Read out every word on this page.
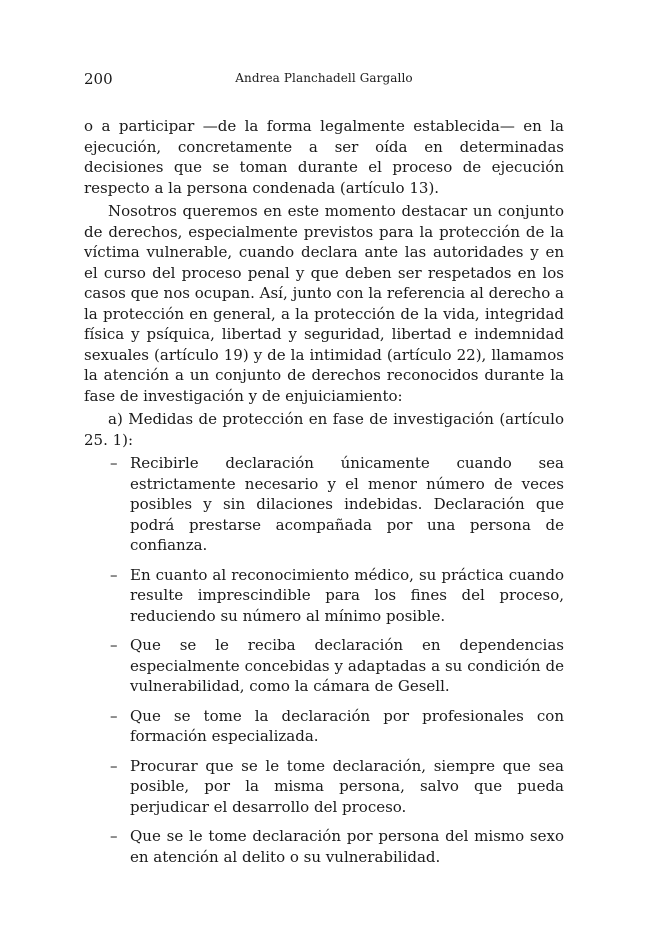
200	Andrea Planchadell Gargallo

o a participar —de la forma legalmente establecida— en la ejecución, concretamente a ser oída en determinadas decisiones que se toman durante el proceso de ejecución respecto a la persona condenada (artículo 13).

Nosotros queremos en este momento destacar un conjunto de derechos, especialmente previstos para la protección de la víctima vulnerable, cuando declara ante las autoridades y en el curso del proceso penal y que deben ser respetados en los casos que nos ocupan. Así, junto con la referencia al derecho a la protección en general, a la protección de la vida, integridad física y psíquica, libertad y seguridad, libertad e indemnidad sexuales (artículo 19) y de la intimidad (artículo 22), llamamos la atención a un conjunto de derechos reconocidos durante la fase de investigación y de enjuiciamiento:

a) Medidas de protección en fase de investigación (artículo 25. 1):

– Recibirle declaración únicamente cuando sea estrictamente necesario y el menor número de veces posibles y sin dilaciones indebidas. Declaración que podrá prestarse acompañada por una persona de confianza.
– En cuanto al reconocimiento médico, su práctica cuando resulte imprescindible para los fines del proceso, reduciendo su número al mínimo posible.
– Que se le reciba declaración en dependencias especialmente concebidas y adaptadas a su condición de vulnerabilidad, como la cámara de Gesell.
– Que se tome la declaración por profesionales con formación especializada.
– Procurar que se le tome declaración, siempre que sea posible, por la misma persona, salvo que pueda perjudicar el desarrollo del proceso.
– Que se le tome declaración por persona del mismo sexo en atención al delito o su vulnerabilidad.
